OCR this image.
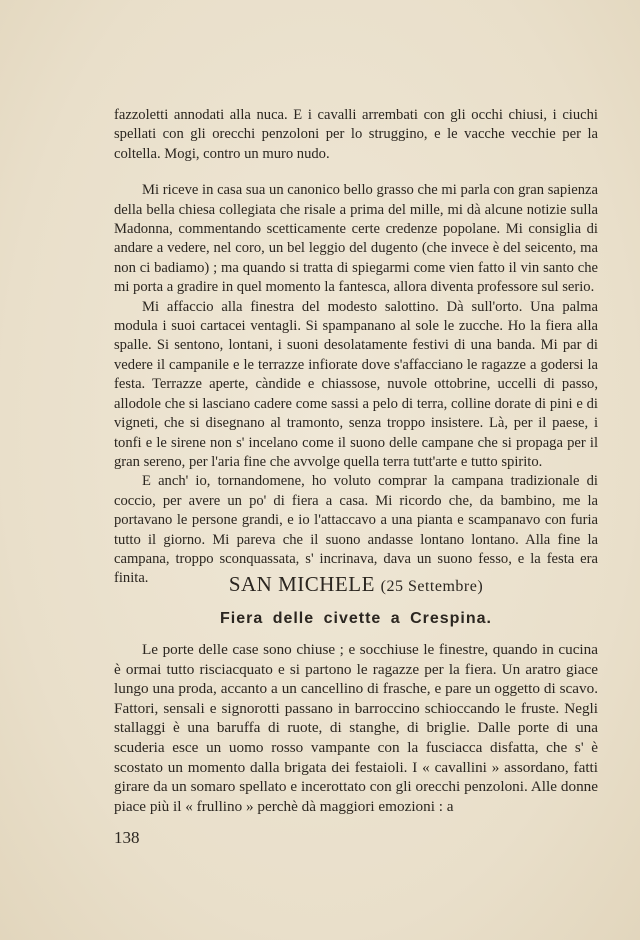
fazzoletti annodati alla nuca. E i cavalli arrembati con gli occhi chiusi, i ciuchi spellati con gli orecchi penzoloni per lo struggino, e le vacche vecchie per la coltella. Mogi, contro un muro nudo.

Mi riceve in casa sua un canonico bello grasso che mi parla con gran sapienza della bella chiesa collegiata che risale a prima del mille, mi dà alcune notizie sulla Madonna, commentando scetticamente certe credenze popolane. Mi consiglia di andare a vedere, nel coro, un bel leggio del dugento (che invece è del seicento, ma non ci badiamo) ; ma quando si tratta di spiegarmi come vien fatto il vin santo che mi porta a gradire in quel momento la fantesca, allora diventa professore sul serio.

Mi affaccio alla finestra del modesto salottino. Dà sull'orto. Una palma modula i suoi cartacei ventagli. Si spampanano al sole le zucche. Ho la fiera alla spalle. Si sentono, lontani, i suoni desolatamente festivi di una banda. Mi par di vedere il campanile e le terrazze infiorate dove s'affacciano le ragazze a godersi la festa. Terrazze aperte, càndide e chiassose, nuvole ottobrine, uccelli di passo, allodole che si lasciano cadere come sassi a pelo di terra, colline dorate di pini e di vigneti, che si disegnano al tramonto, senza troppo insistere. Là, per il paese, i tonfi e le sirene non s' incelano come il suono delle campane che si propaga per il gran sereno, per l'aria fine che avvolge quella terra tutt'arte e tutto spirito.

E anch' io, tornandomene, ho voluto comprar la campana tradizionale di coccio, per avere un po' di fiera a casa. Mi ricordo che, da bambino, me la portavano le persone grandi, e io l'attaccavo a una pianta e scampanavo con furia tutto il giorno. Mi pareva che il suono andasse lontano lontano. Alla fine la campana, troppo sconquassata, s' incrinava, dava un suono fesso, e la festa era finita.	SAN MICHELE (25 Settembre)
Fiera delle civette a Crespina.

Le porte delle case sono chiuse ; e socchiuse le finestre, quando in cucina è ormai tutto risciacquato e si partono le ragazze per la fiera. Un aratro giace lungo una proda, accanto a un cancellino di frasche, e pare un oggetto di scavo. Fattori, sensali e signorotti passano in barroccino schioccando le fruste. Negli stallaggi è una baruffa di ruote, di stanghe, di briglie. Dalle porte di una scuderia esce un uomo rosso vampante con la fusciacca disfatta, che s' è scostato un momento dalla brigata dei festaioli. I « cavallini » assordano, fatti girare da un somaro spellato e incerottato con gli orecchi penzoloni. Alle donne piace più il « frullino » perchè dà maggiori emozioni : a

138
